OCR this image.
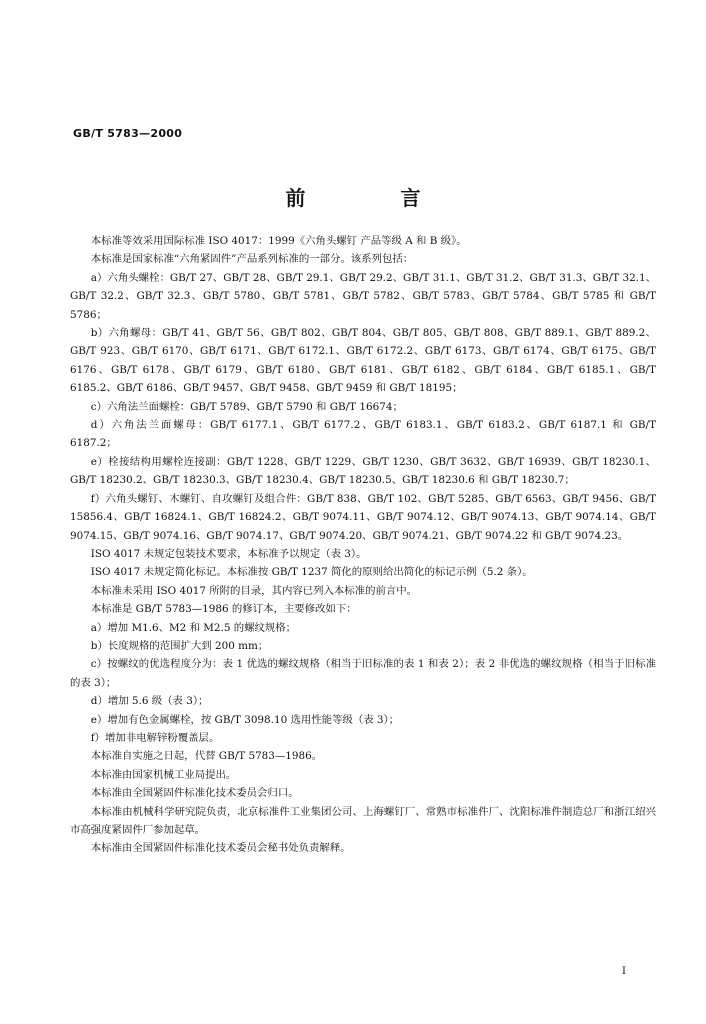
GB/T 5783—2000
前 言

本标准等效采用国际标准 ISO 4017：1999《六角头螺钉 产品等级 A 和 B 级》。

本标准是国家标准“六角紧固件”产品系列标准的一部分。该系列包括：

a）六角头螺栓：GB/T 27、GB/T 28、GB/T 29.1、GB/T 29.2、GB/T 31.1、GB/T 31.2、GB/T 31.3、GB/T 32.1、GB/T 32.2、GB/T 32.3、GB/T 5780、GB/T 5781、GB/T 5782、GB/T 5783、GB/T 5784、GB/T 5785 和 GB/T 5786；

b）六角螺母：GB/T 41、GB/T 56、GB/T 802、GB/T 804、GB/T 805、GB/T 808、GB/T 889.1、GB/T 889.2、GB/T 923、GB/T 6170、GB/T 6171、GB/T 6172.1、GB/T 6172.2、GB/T 6173、GB/T 6174、GB/T 6175、GB/T 6176、GB/T 6178、GB/T 6179、GB/T 6180、GB/T 6181、GB/T 6182、GB/T 6184、GB/T 6185.1、GB/T 6185.2、GB/T 6186、GB/T 9457、GB/T 9458、GB/T 9459 和 GB/T 18195；

c）六角法兰面螺栓：GB/T 5789、GB/T 5790 和 GB/T 16674；

d）六角法兰面螺母：GB/T 6177.1、GB/T 6177.2、GB/T 6183.1、GB/T 6183.2、GB/T 6187.1 和 GB/T 6187.2；

e）栓接结构用螺栓连接副：GB/T 1228、GB/T 1229、GB/T 1230、GB/T 3632、GB/T 16939、GB/T 18230.1、GB/T 18230.2、GB/T 18230.3、GB/T 18230.4、GB/T 18230.5、GB/T 18230.6 和 GB/T 18230.7；

f）六角头螺钉、木螺钉、自攻螺钉及组合件：GB/T 838、GB/T 102、GB/T 5285、GB/T 6563、GB/T 9456、GB/T 15856.4、GB/T 16824.1、GB/T 16824.2、GB/T 9074.11、GB/T 9074.12、GB/T 9074.13、GB/T 9074.14、GB/T 9074.15、GB/T 9074.16、GB/T 9074.17、GB/T 9074.20、GB/T 9074.21、GB/T 9074.22 和 GB/T 9074.23。

ISO 4017 未规定包装技术要求，本标准予以规定（表 3）。

ISO 4017 未规定简化标记。本标准按 GB/T 1237 简化的原则给出简化的标记示例（5.2 条）。

本标准未采用 ISO 4017 所附的目录，其内容已列入本标准的前言中。

本标准是 GB/T 5783—1986 的修订本，主要修改如下：

a）增加 M1.6、M2 和 M2.5 的螺纹规格；

b）长度规格的范围扩大到 200 mm；

c）按螺纹的优选程度分为：表 1 优选的螺纹规格（相当于旧标准的表 1 和表 2）；表 2 非优选的螺纹规格（相当于旧标准的表 3）；

d）增加 5.6 级（表 3）；

e）增加有色金属螺栓，按 GB/T 3098.10 选用性能等级（表 3）；

f）增加非电解锌粉覆盖层。

本标准自实施之日起，代替 GB/T 5783—1986。

本标准由国家机械工业局提出。

本标准由全国紧固件标准化技术委员会归口。

本标准由机械科学研究院负责，北京标准件工业集团公司、上海螺钉厂、常熟市标准件厂、沈阳标准件制造总厂和浙江绍兴市高强度紧固件厂参加起草。

本标准由全国紧固件标准化技术委员会秘书处负责解释。

I
